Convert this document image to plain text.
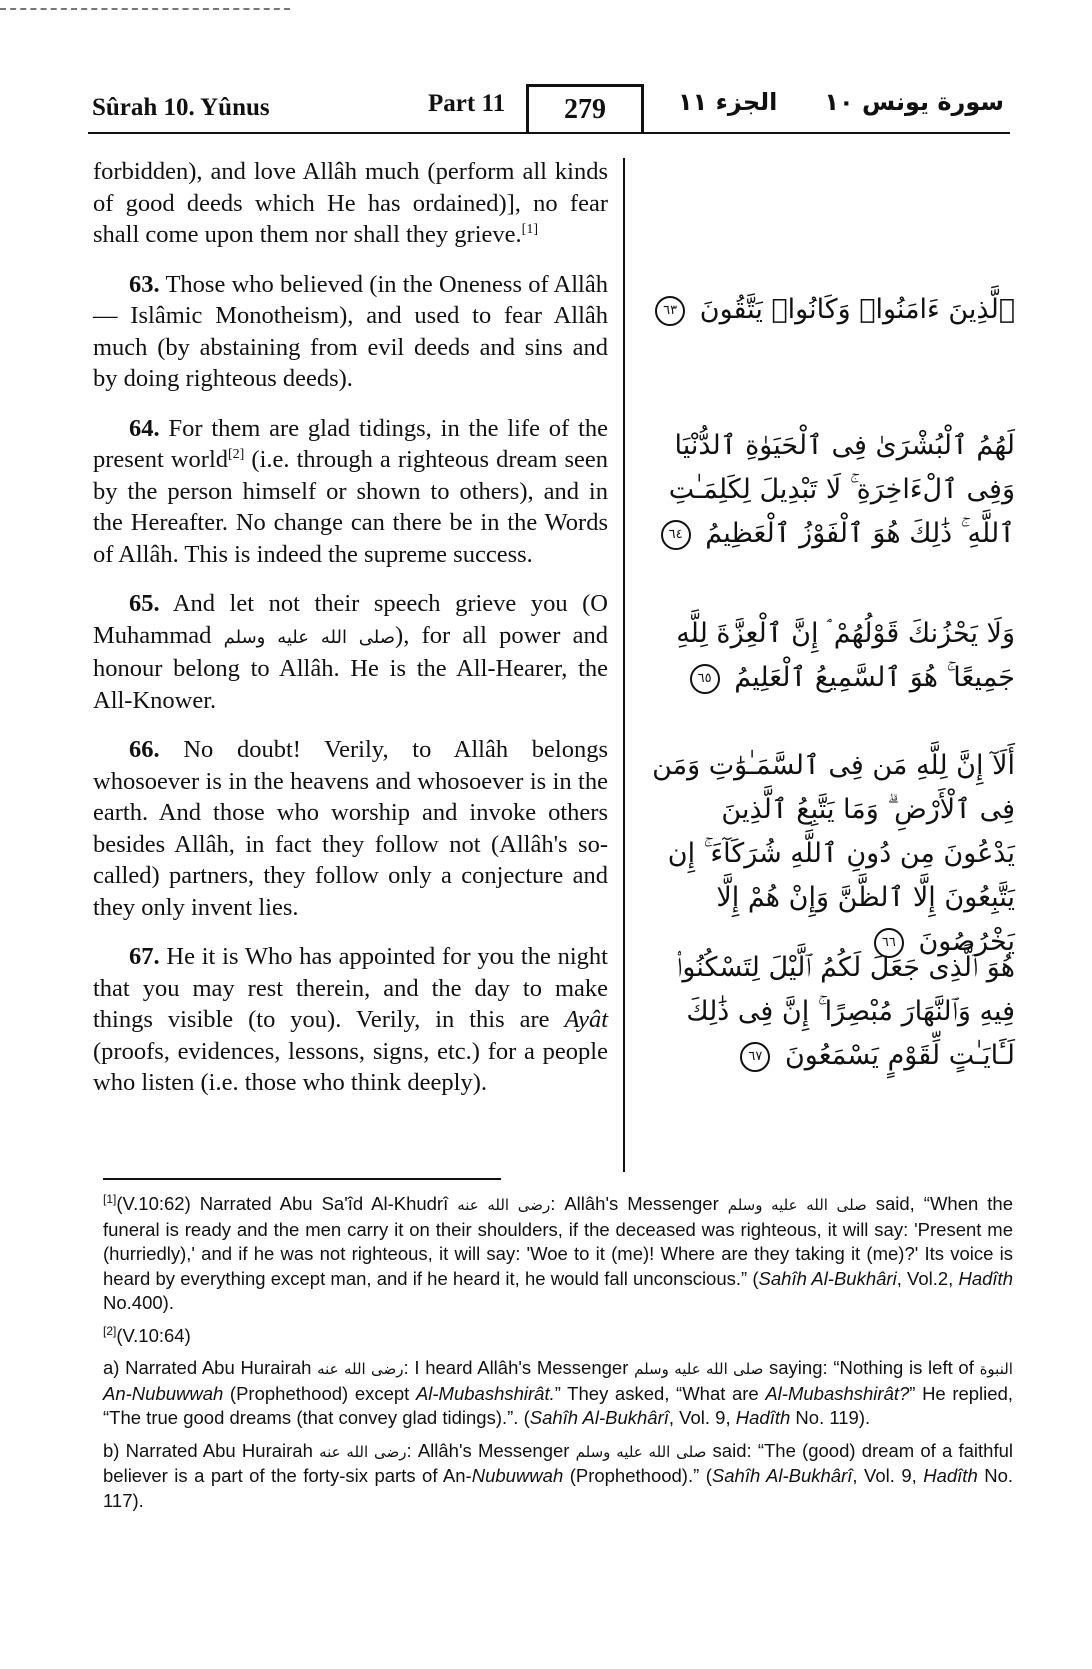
Sûrah 10. Yûnus	Part 11	279	الجزء ١١ سورة يونس ١٠

forbidden), and love Allâh much (perform all kinds of good deeds which He has ordained)], no fear shall come upon them nor shall they grieve.[1]

63. Those who believed (in the Oneness of Allâh — Islâmic Monotheism), and used to fear Allâh much (by abstaining from evil deeds and sins and by doing righteous deeds).

64. For them are glad tidings, in the life of the present world[2] (i.e. through a righteous dream seen by the person himself or shown to others), and in the Hereafter. No change can there be in the Words of Allâh. This is indeed the supreme success.

65. And let not their speech grieve you (O Muhammad صلى الله عليه وسلم), for all power and honour belong to Allâh. He is the All-Hearer, the All-Knower.

66. No doubt! Verily, to Allâh belongs whosoever is in the heavens and whosoever is in the earth. And those who worship and invoke others besides Allâh, in fact they follow not (Allâh's so-called) partners, they follow only a conjecture and they only invent lies.

67. He it is Who has appointed for you the night that you may rest therein, and the day to make things visible (to you). Verily, in this are Ayât (proofs, evidences, lessons, signs, etc.) for a people who listen (i.e. those who think deeply).

ٱلَّذِينَ ءَامَنُوا۟ وَكَانُوا۟ يَتَّقُونَ ٦٣
لَهُمُ ٱلْبُشْرَىٰ فِى ٱلْحَيَوٰةِ ٱلدُّنْيَا وَفِى ٱلْءَاخِرَةِ ۚ لَا تَبْدِيلَ لِكَلِمَـٰتِ ٱللَّهِ ۚ ذَٰلِكَ هُوَ ٱلْفَوْزُ ٱلْعَظِيمُ ٦٤
وَلَا يَحْزُنكَ قَوْلُهُمْ ۘ إِنَّ ٱلْعِزَّةَ لِلَّهِ جَمِيعًا ۚ هُوَ ٱلسَّمِيعُ ٱلْعَلِيمُ ٦٥
أَلَآ إِنَّ لِلَّهِ مَن فِى ٱلسَّمَـٰوَٰتِ وَمَن فِى ٱلْأَرْضِ ۗ وَمَا يَتَّبِعُ ٱلَّذِينَ يَدْعُونَ مِن دُونِ ٱللَّهِ شُرَكَآءَ ۚ إِن يَتَّبِعُونَ إِلَّا ٱلظَّنَّ وَإِنْ هُمْ إِلَّا يَخْرُصُونَ ٦٦
هُوَ ٱلَّذِى جَعَلَ لَكُمُ ٱلَّيْلَ لِتَسْكُنُوا۟ فِيهِ وَٱلنَّهَارَ مُبْصِرًا ۚ إِنَّ فِى ذَٰلِكَ لَـَٔايَـٰتٍ لِّقَوْمٍ يَسْمَعُونَ ٦٧

[1](V.10:62) Narrated Abu Sa'îd Al-Khudrî رضى الله عنه: Allâh's Messenger صلى الله عليه وسلم said, “When the funeral is ready and the men carry it on their shoulders, if the deceased was righteous, it will say: 'Present me (hurriedly),' and if he was not righteous, it will say: 'Woe to it (me)! Where are they taking it (me)?' Its voice is heard by everything except man, and if he heard it, he would fall unconscious.” (Sahîh Al-Bukhâri, Vol.2, Hadîth No.400).

[2](V.10:64)

a) Narrated Abu Hurairah رضى الله عنه: I heard Allâh's Messenger صلى الله عليه وسلم saying: “Nothing is left of النبوة An-Nubuwwah (Prophethood) except Al-Mubashshirât.” They asked, “What are Al-Mubashshirât?” He replied, “The true good dreams (that convey glad tidings).”. (Sahîh Al-Bukhârî, Vol. 9, Hadîth No. 119).

b) Narrated Abu Hurairah رضى الله عنه: Allâh's Messenger صلى الله عليه وسلم said: “The (good) dream of a faithful believer is a part of the forty-six parts of An-Nubuwwah (Prophethood).” (Sahîh Al-Bukhârî, Vol. 9, Hadîth No. 117).
